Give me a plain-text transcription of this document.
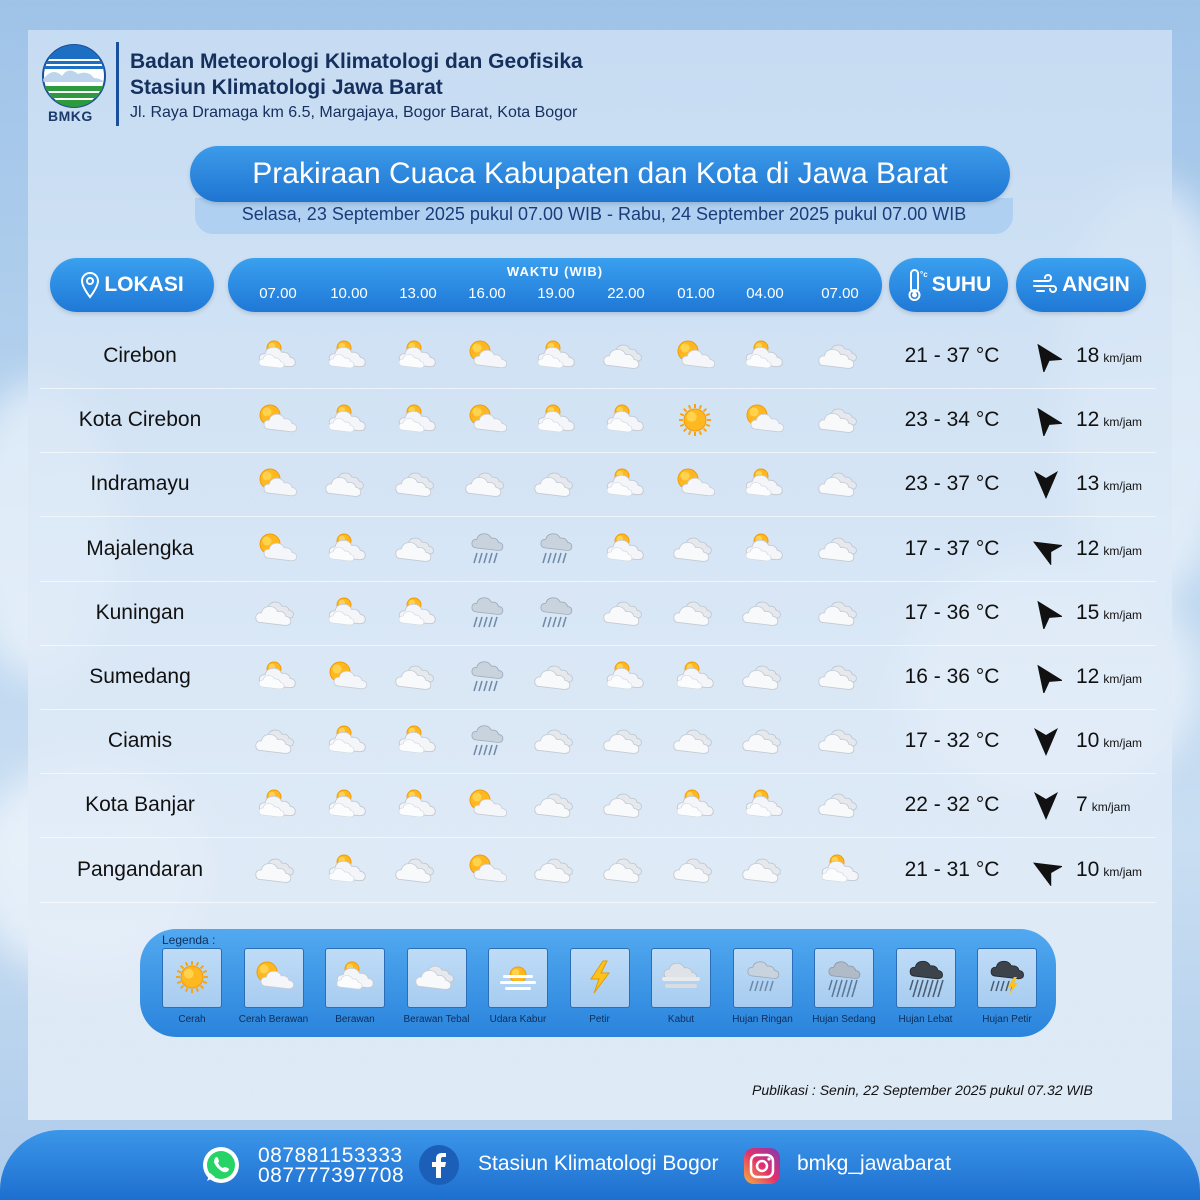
BMKG
Badan Meteorologi Klimatologi dan Geofisika
Stasiun Klimatologi Jawa Barat
Jl. Raya Dramaga km 6.5, Margajaya, Bogor Barat, Kota Bogor
Selasa, 23 September 2025 pukul 07.00 WIB - Rabu, 24 September 2025 pukul 07.00 WIB
Prakiraan Cuaca Kabupaten dan Kota di Jawa Barat
LOKASI
WAKTU (WIB)
07.00	10.00	13.00	16.00	19.00	22.00	01.00	04.00	07.00
°c SUHU	ANGIN
Cirebon	21 - 37 °C	18 km/jam
Kota Cirebon	23 - 34 °C	12 km/jam
Indramayu	23 - 37 °C	13 km/jam
Majalengka	17 - 37 °C	12 km/jam
Kuningan	17 - 36 °C	15 km/jam
Sumedang	16 - 36 °C	12 km/jam
Ciamis	17 - 32 °C	10 km/jam
Kota Banjar	22 - 32 °C	7 km/jam
Pangandaran	21 - 31 °C	10 km/jam
Legenda :
Cerah	Cerah Berawan	Berawan	Berawan Tebal	Udara Kabur	Petir	Kabut	Hujan Ringan	Hujan Sedang	Hujan Lebat	Hujan Petir
Publikasi : Senin, 22 September 2025 pukul 07.32 WIB
087881153333
087777397708
Stasiun Klimatologi Bogor	bmkg_jawabarat
